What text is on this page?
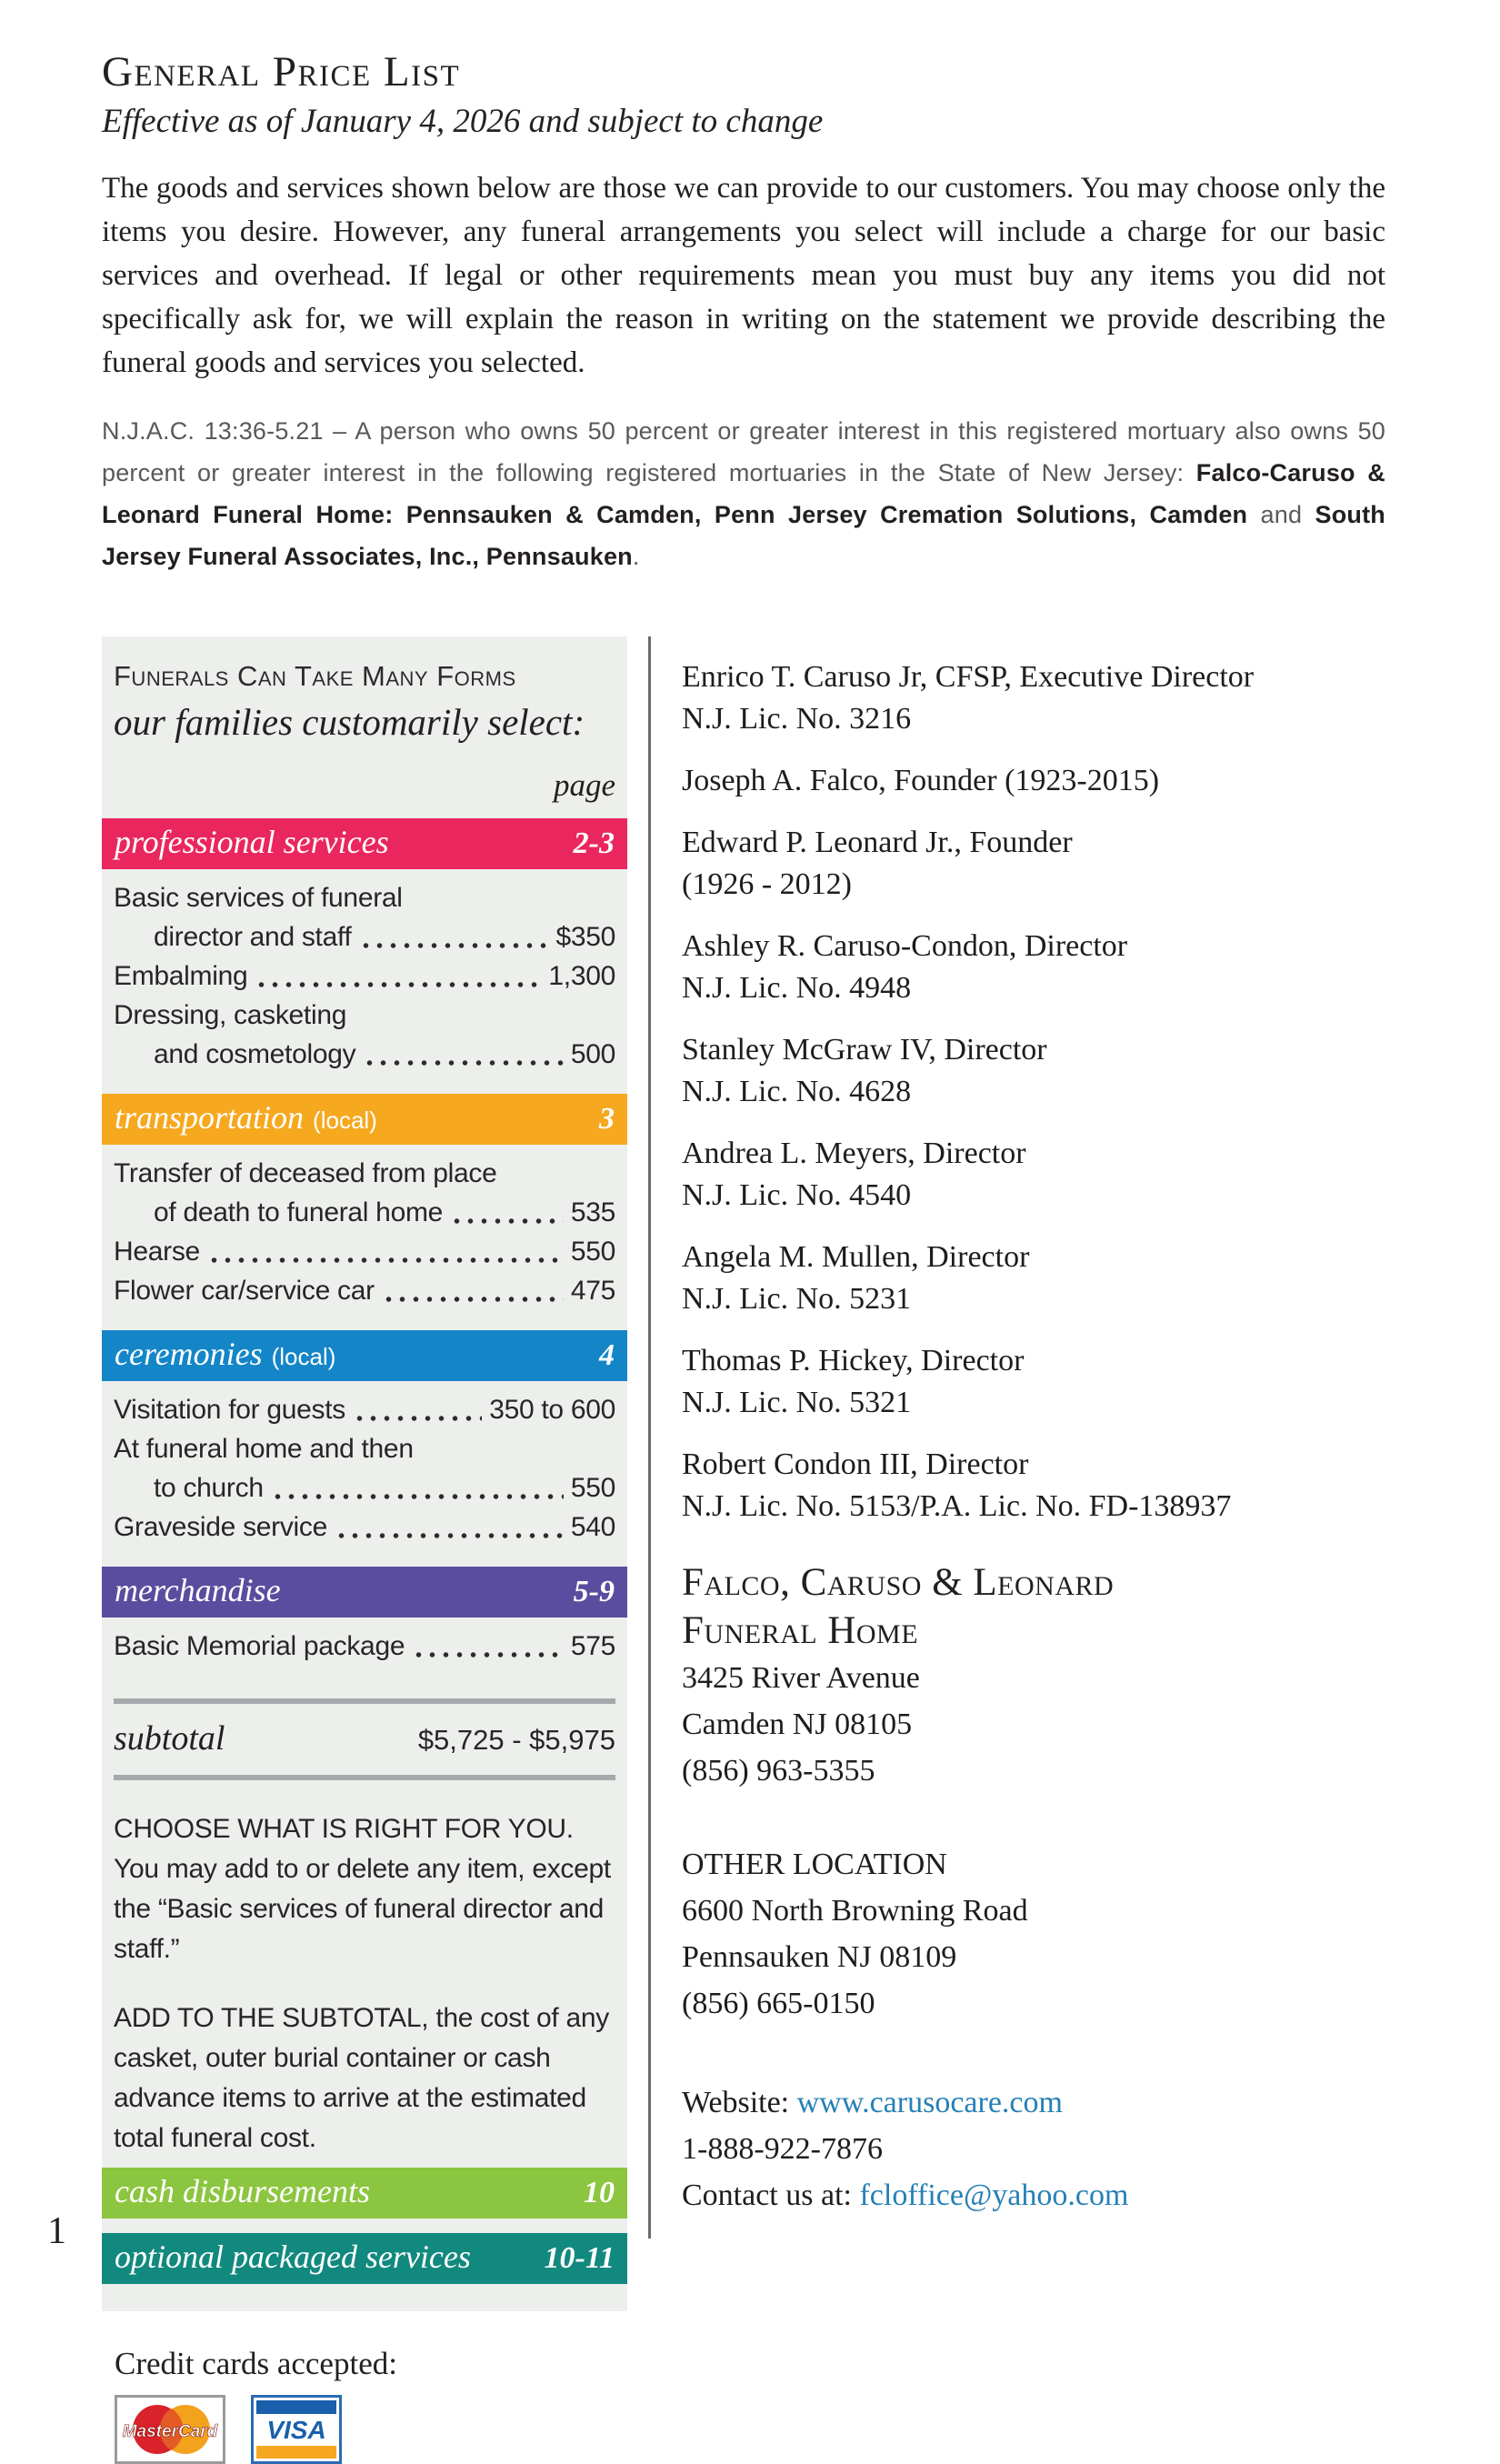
General Price List
Effective as of January 4, 2026 and subject to change
The goods and services shown below are those we can provide to our customers. You may choose only the items you desire. However, any funeral arrangements you select will include a charge for our basic services and overhead. If legal or other requirements mean you must buy any items you did not specifically ask for, we will explain the reason in writing on the statement we provide describing the funeral goods and services you selected.
N.J.A.C. 13:36-5.21 – A person who owns 50 percent or greater interest in this registered mortuary also owns 50 percent or greater interest in the following registered mortuaries in the State of New Jersey: Falco-Caruso & Leonard Funeral Home: Pennsauken & Camden, Penn Jersey Cremation Solutions, Camden and South Jersey Funeral Associates, Inc., Pennsauken.
Funerals Can Take Many Forms
our families customarily select:
page
professional services	2-3
Basic services of funeral
director and staff	$350
Embalming	1,300
Dressing, casketing
and cosmetology	500
transportation (local)	3
Transfer of deceased from place
of death to funeral home	535
Hearse	550
Flower car/service car	475
ceremonies (local)	4
Visitation for guests	350 to 600
At funeral home and then
to church	550
Graveside service	540
merchandise	5-9
Basic Memorial package	575
subtotal	$5,725 - $5,975
CHOOSE WHAT IS RIGHT FOR YOU. You may add to or delete any item, except the “Basic services of funeral director and staff.”
ADD TO THE SUBTOTAL, the cost of any casket, outer burial container or cash advance items to arrive at the estimated total funeral cost.
cash disbursements	10
optional packaged services 10-11
Credit cards accepted:
MasterCard VISA
Enrico T. Caruso Jr, CFSP, Executive Director
N.J. Lic. No. 3216
Joseph A. Falco, Founder (1923-2015)
Edward P. Leonard Jr., Founder
(1926 - 2012)
Ashley R. Caruso-Condon, Director
N.J. Lic. No. 4948
Stanley McGraw IV, Director
N.J. Lic. No. 4628
Andrea L. Meyers, Director
N.J. Lic. No. 4540
Angela M. Mullen, Director
N.J. Lic. No. 5231
Thomas P. Hickey, Director
N.J. Lic. No. 5321
Robert Condon III, Director
N.J. Lic. No. 5153/P.A. Lic. No. FD-138937
Falco, Caruso & Leonard
Funeral Home
3425 River Avenue
Camden NJ 08105
(856) 963-5355
OTHER LOCATION
6600 North Browning Road
Pennsauken NJ 08109
(856) 665-0150
Website: www.carusocare.com
1-888-922-7876
Contact us at: fcloffice@yahoo.com
1
